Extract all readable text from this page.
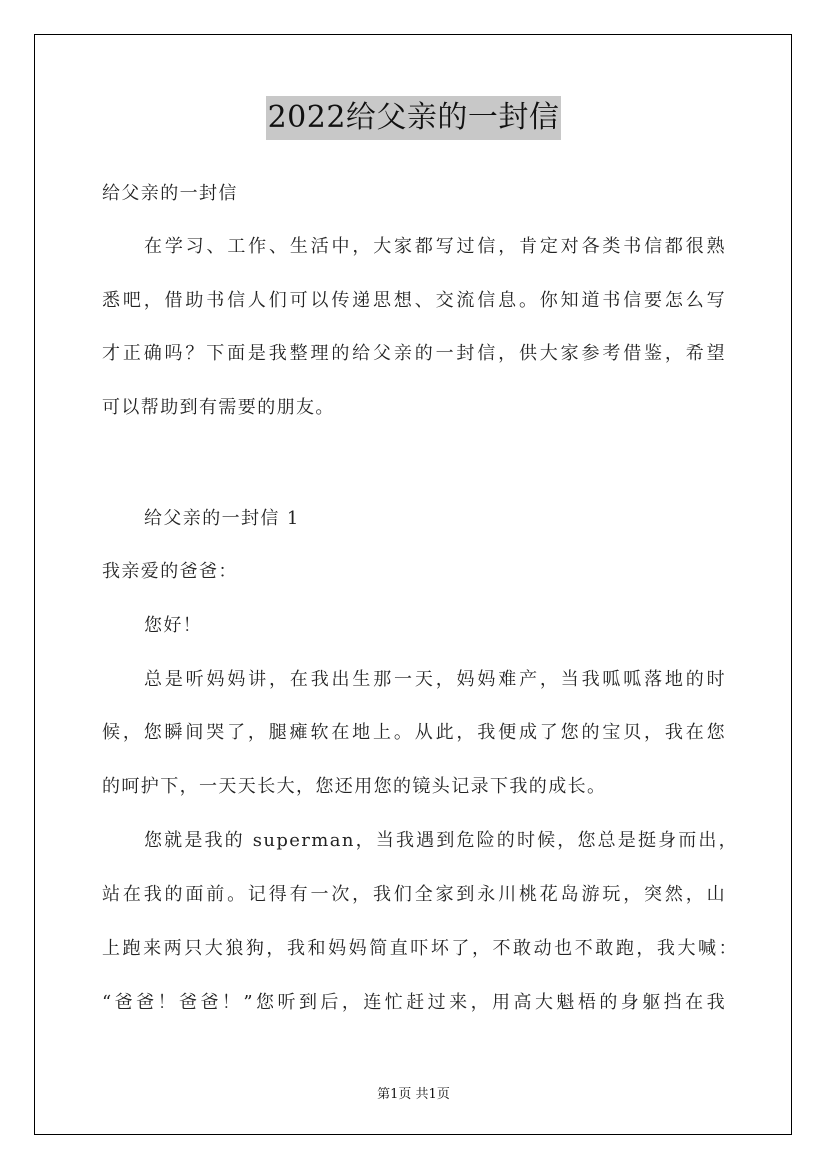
2022给父亲的一封信
给父亲的一封信
在学习、工作、生活中，大家都写过信，肯定对各类书信都很熟
悉吧，借助书信人们可以传递思想、交流信息。你知道书信要怎么写
才正确吗？下面是我整理的给父亲的一封信，供大家参考借鉴，希望
可以帮助到有需要的朋友。
给父亲的一封信 1
我亲爱的爸爸：
您好！
总是听妈妈讲，在我出生那一天，妈妈难产，当我呱呱落地的时
候，您瞬间哭了，腿瘫软在地上。从此，我便成了您的宝贝，我在您
的呵护下，一天天长大，您还用您的镜头记录下我的成长。
您就是我的 superman，当我遇到危险的时候，您总是挺身而出，
站在我的面前。记得有一次，我们全家到永川桃花岛游玩，突然，山
上跑来两只大狼狗，我和妈妈简直吓坏了，不敢动也不敢跑，我大喊：
“爸爸！爸爸！”您听到后，连忙赶过来，用高大魁梧的身躯挡在我
第1页 共1页
